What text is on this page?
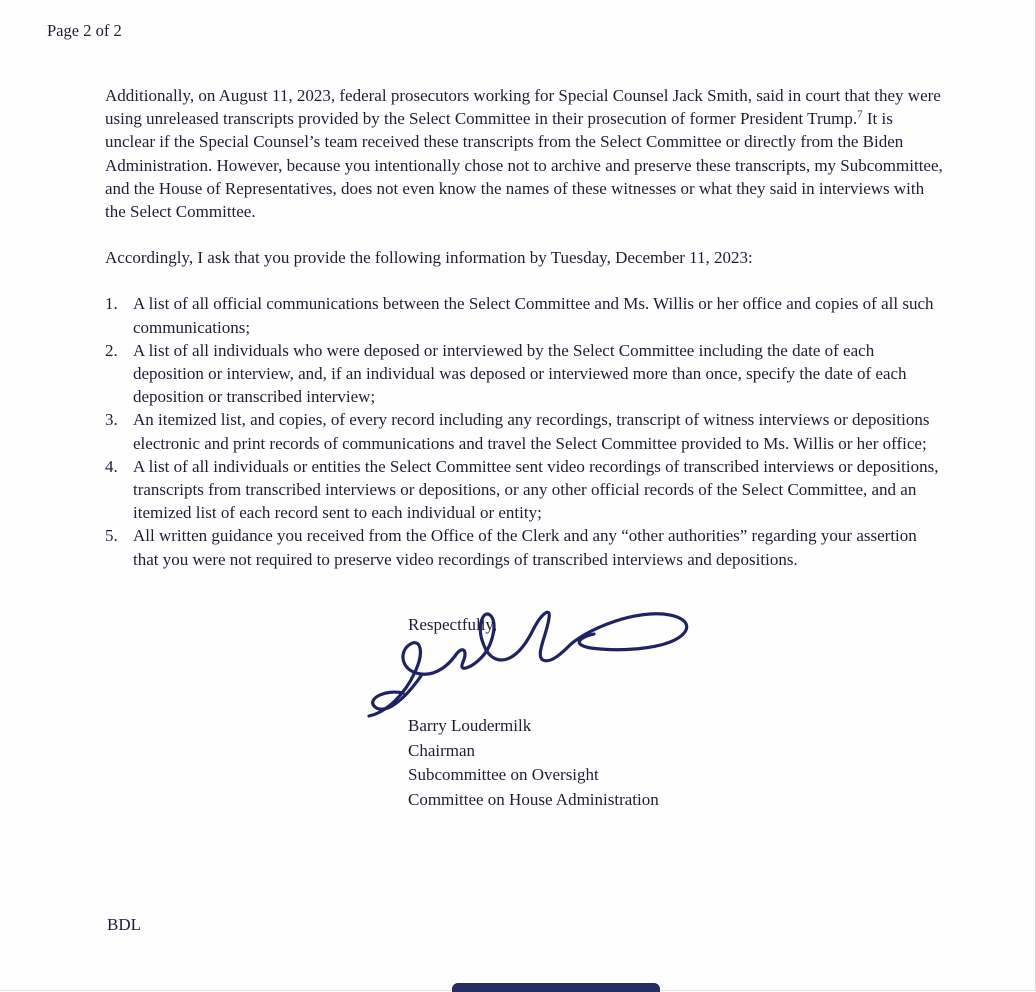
Page 2 of 2

Additionally, on August 11, 2023, federal prosecutors working for Special Counsel Jack Smith, said in court that they were using unreleased transcripts provided by the Select Committee in their prosecution of former President Trump.$^7$ It is unclear if the Special Counsel’s team received these transcripts from the Select Committee or directly from the Biden Administration. However, because you intentionally chose not to archive and preserve these transcripts, my Subcommittee, and the House of Representatives, does not even know the names of these witnesses or what they said in interviews with the Select Committee.

Accordingly, I ask that you provide the following information by Tuesday, December 11, 2023:

1. A list of all official communications between the Select Committee and Ms. Willis or her office and copies of all such communications;
2. A list of all individuals who were deposed or interviewed by the Select Committee including the date of each deposition or interview, and, if an individual was deposed or interviewed more than once, specify the date of each deposition or transcribed interview;
3. An itemized list, and copies, of every record including any recordings, transcript of witness interviews or depositions electronic and print records of communications and travel the Select Committee provided to Ms. Willis or her office;
4. A list of all individuals or entities the Select Committee sent video recordings of transcribed interviews or depositions, transcripts from transcribed interviews or depositions, or any other official records of the Select Committee, and an itemized list of each record sent to each individual or entity;
5. All written guidance you received from the Office of the Clerk and any “other authorities” regarding your assertion that you were not required to preserve video recordings of transcribed interviews and depositions.
Respectfully,
Barry Loudermilk
Chairman
Subcommittee on Oversight
Committee on House Administration
BDL
